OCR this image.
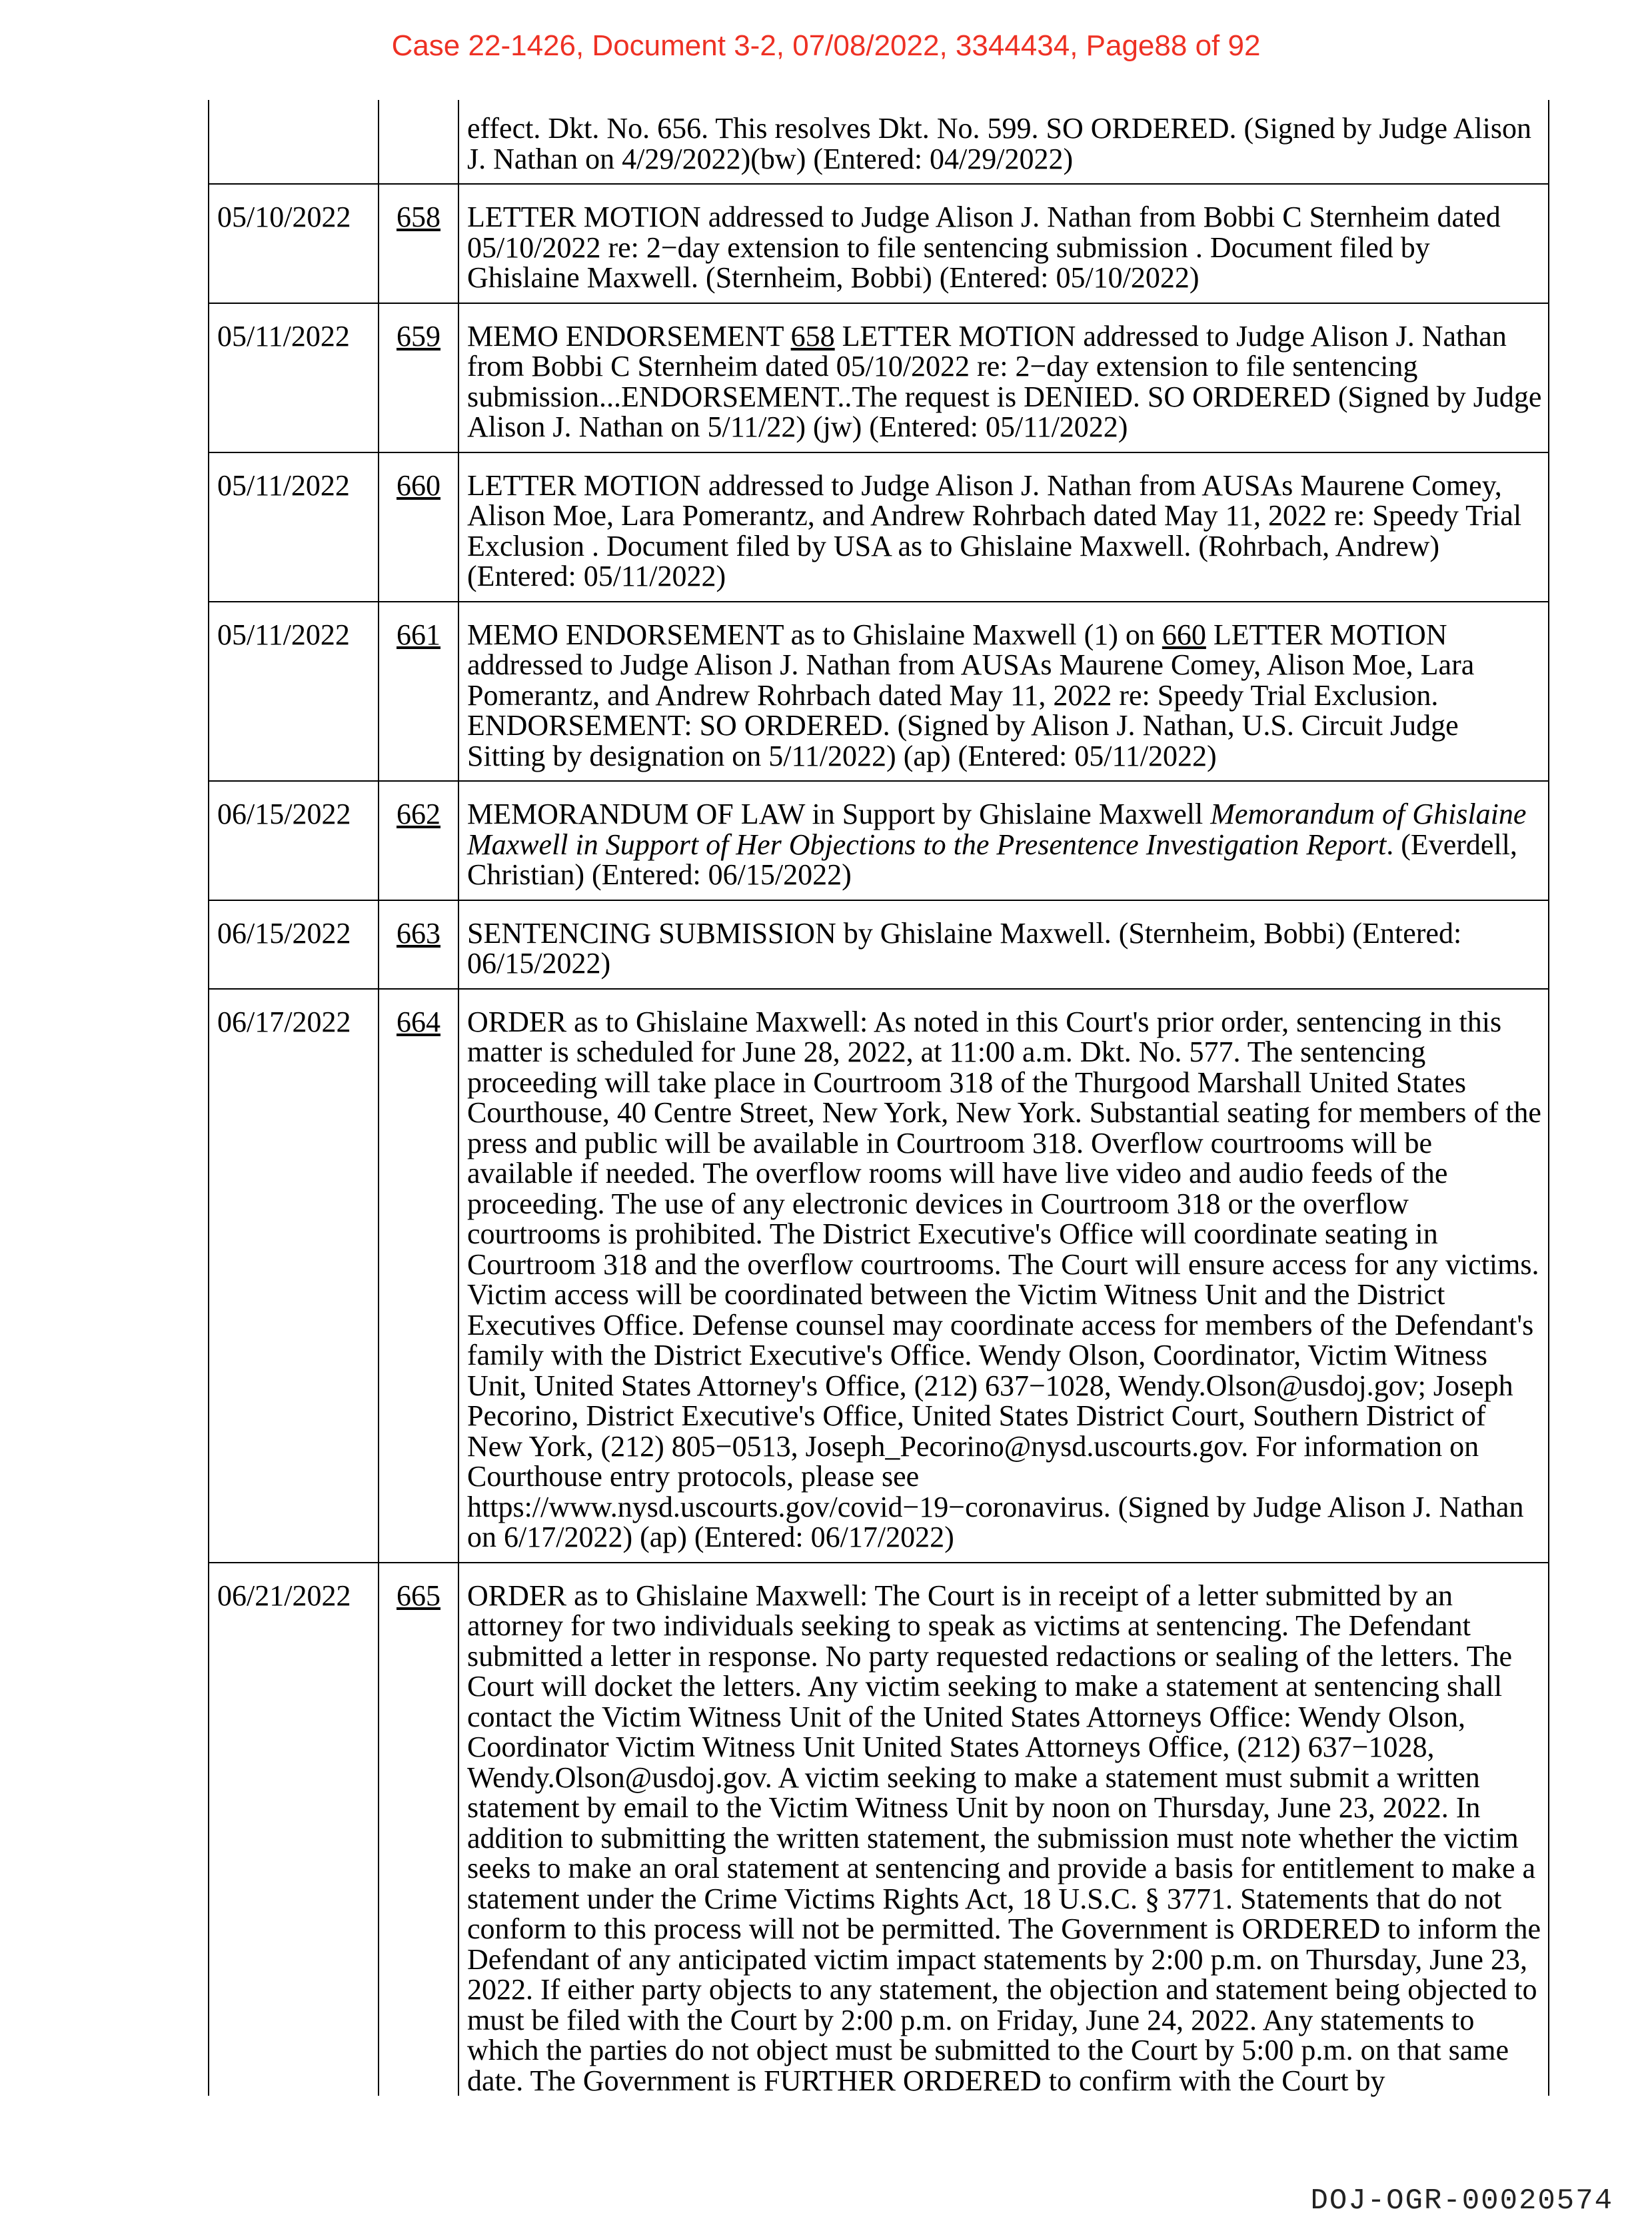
Case 22-1426, Document 3-2, 07/08/2022, 3344434, Page88 of 92
		effect. Dkt. No. 656. This resolves Dkt. No. 599. SO ORDERED. (Signed by Judge Alison J. Nathan on 4/29/2022)(bw) (Entered: 04/29/2022)
05/10/2022	658	LETTER MOTION addressed to Judge Alison J. Nathan from Bobbi C Sternheim dated 05/10/2022 re: 2−day extension to file sentencing submission . Document filed by Ghislaine Maxwell. (Sternheim, Bobbi) (Entered: 05/10/2022)
05/11/2022	659	MEMO ENDORSEMENT 658 LETTER MOTION addressed to Judge Alison J. Nathan from Bobbi C Sternheim dated 05/10/2022 re: 2−day extension to file sentencing submission...ENDORSEMENT..The request is DENIED. SO ORDERED (Signed by Judge Alison J. Nathan on 5/11/22) (jw) (Entered: 05/11/2022)
05/11/2022	660	LETTER MOTION addressed to Judge Alison J. Nathan from AUSAs Maurene Comey, Alison Moe, Lara Pomerantz, and Andrew Rohrbach dated May 11, 2022 re: Speedy Trial Exclusion . Document filed by USA as to Ghislaine Maxwell. (Rohrbach, Andrew) (Entered: 05/11/2022)
05/11/2022	661	MEMO ENDORSEMENT as to Ghislaine Maxwell (1) on 660 LETTER MOTION addressed to Judge Alison J. Nathan from AUSAs Maurene Comey, Alison Moe, Lara Pomerantz, and Andrew Rohrbach dated May 11, 2022 re: Speedy Trial Exclusion. ENDORSEMENT: SO ORDERED. (Signed by Alison J. Nathan, U.S. Circuit Judge Sitting by designation on 5/11/2022) (ap) (Entered: 05/11/2022)
06/15/2022	662	MEMORANDUM OF LAW in Support by Ghislaine Maxwell Memorandum of Ghislaine Maxwell in Support of Her Objections to the Presentence Investigation Report. (Everdell, Christian) (Entered: 06/15/2022)
06/15/2022	663	SENTENCING SUBMISSION by Ghislaine Maxwell. (Sternheim, Bobbi) (Entered: 06/15/2022)
06/17/2022	664	ORDER as to Ghislaine Maxwell: As noted in this Court's prior order, sentencing in this matter is scheduled for June 28, 2022, at 11:00 a.m. Dkt. No. 577. The sentencing proceeding will take place in Courtroom 318 of the Thurgood Marshall United States Courthouse, 40 Centre Street, New York, New York. Substantial seating for members of the press and public will be available in Courtroom 318. Overflow courtrooms will be available if needed. The overflow rooms will have live video and audio feeds of the proceeding. The use of any electronic devices in Courtroom 318 or the overflow courtrooms is prohibited. The District Executive's Office will coordinate seating in Courtroom 318 and the overflow courtrooms. The Court will ensure access for any victims. Victim access will be coordinated between the Victim Witness Unit and the District Executives Office. Defense counsel may coordinate access for members of the Defendant's family with the District Executive's Office. Wendy Olson, Coordinator, Victim Witness Unit, United States Attorney's Office, (212) 637−1028, Wendy.Olson@usdoj.gov; Joseph Pecorino, District Executive's Office, United States District Court, Southern District of New York, (212) 805−0513, Joseph_Pecorino@nysd.uscourts.gov. For information on Courthouse entry protocols, please see https://www.nysd.uscourts.gov/covid−19−coronavirus. (Signed by Judge Alison J. Nathan on 6/17/2022) (ap) (Entered: 06/17/2022)
06/21/2022	665	ORDER as to Ghislaine Maxwell: The Court is in receipt of a letter submitted by an attorney for two individuals seeking to speak as victims at sentencing. The Defendant submitted a letter in response. No party requested redactions or sealing of the letters. The Court will docket the letters. Any victim seeking to make a statement at sentencing shall contact the Victim Witness Unit of the United States Attorneys Office: Wendy Olson, Coordinator Victim Witness Unit United States Attorneys Office, (212) 637−1028, Wendy.Olson@usdoj.gov. A victim seeking to make a statement must submit a written statement by email to the Victim Witness Unit by noon on Thursday, June 23, 2022. In addition to submitting the written statement, the submission must note whether the victim seeks to make an oral statement at sentencing and provide a basis for entitlement to make a statement under the Crime Victims Rights Act, 18 U.S.C. § 3771. Statements that do not conform to this process will not be permitted. The Government is ORDERED to inform the Defendant of any anticipated victim impact statements by 2:00 p.m. on Thursday, June 23, 2022. If either party objects to any statement, the objection and statement being objected to must be filed with the Court by 2:00 p.m. on Friday, June 24, 2022. Any statements to which the parties do not object must be submitted to the Court by 5:00 p.m. on that same date. The Government is FURTHER ORDERED to confirm with the Court by
DOJ-OGR-00020574
